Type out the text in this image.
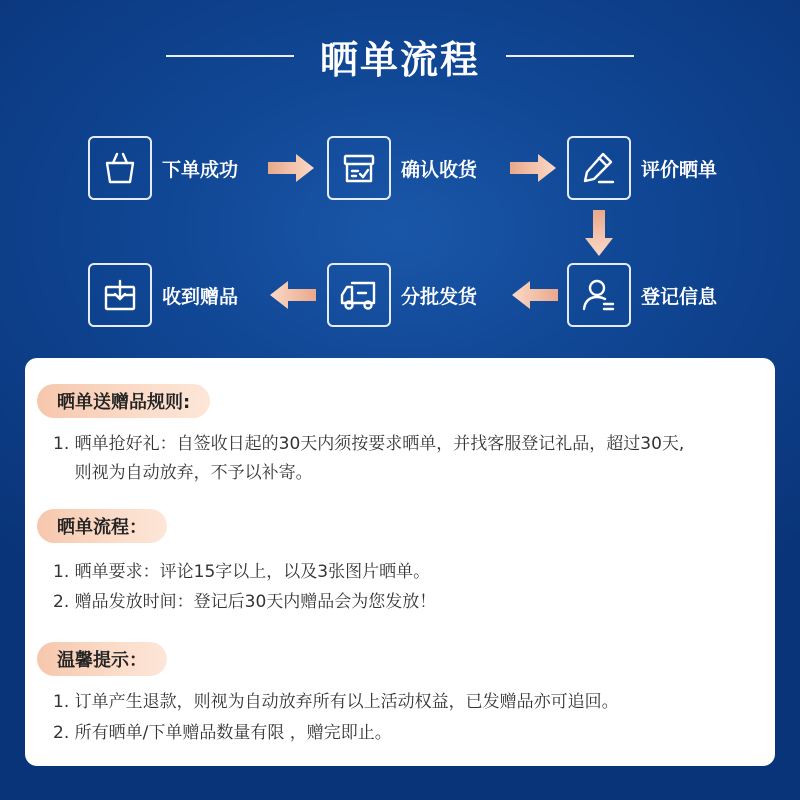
晒单流程
下单成功	确认收货	评价晒单
登记信息
分批发货
收到赠品
晒单送赠品规则:
1. 晒单抢好礼：自签收日起的30天内须按要求晒单，并找客服登记礼品，超过30天,
则视为自动放弃，不予以补寄。
晒单流程：
1. 晒单要求：评论15字以上，以及3张图片晒单。
2. 赠品发放时间：登记后30天内赠品会为您发放！
温馨提示：
1. 订单产生退款，则视为自动放弃所有以上活动权益，已发赠品亦可追回。
2. 所有晒单/下单赠品数量有限 ，赠完即止。
